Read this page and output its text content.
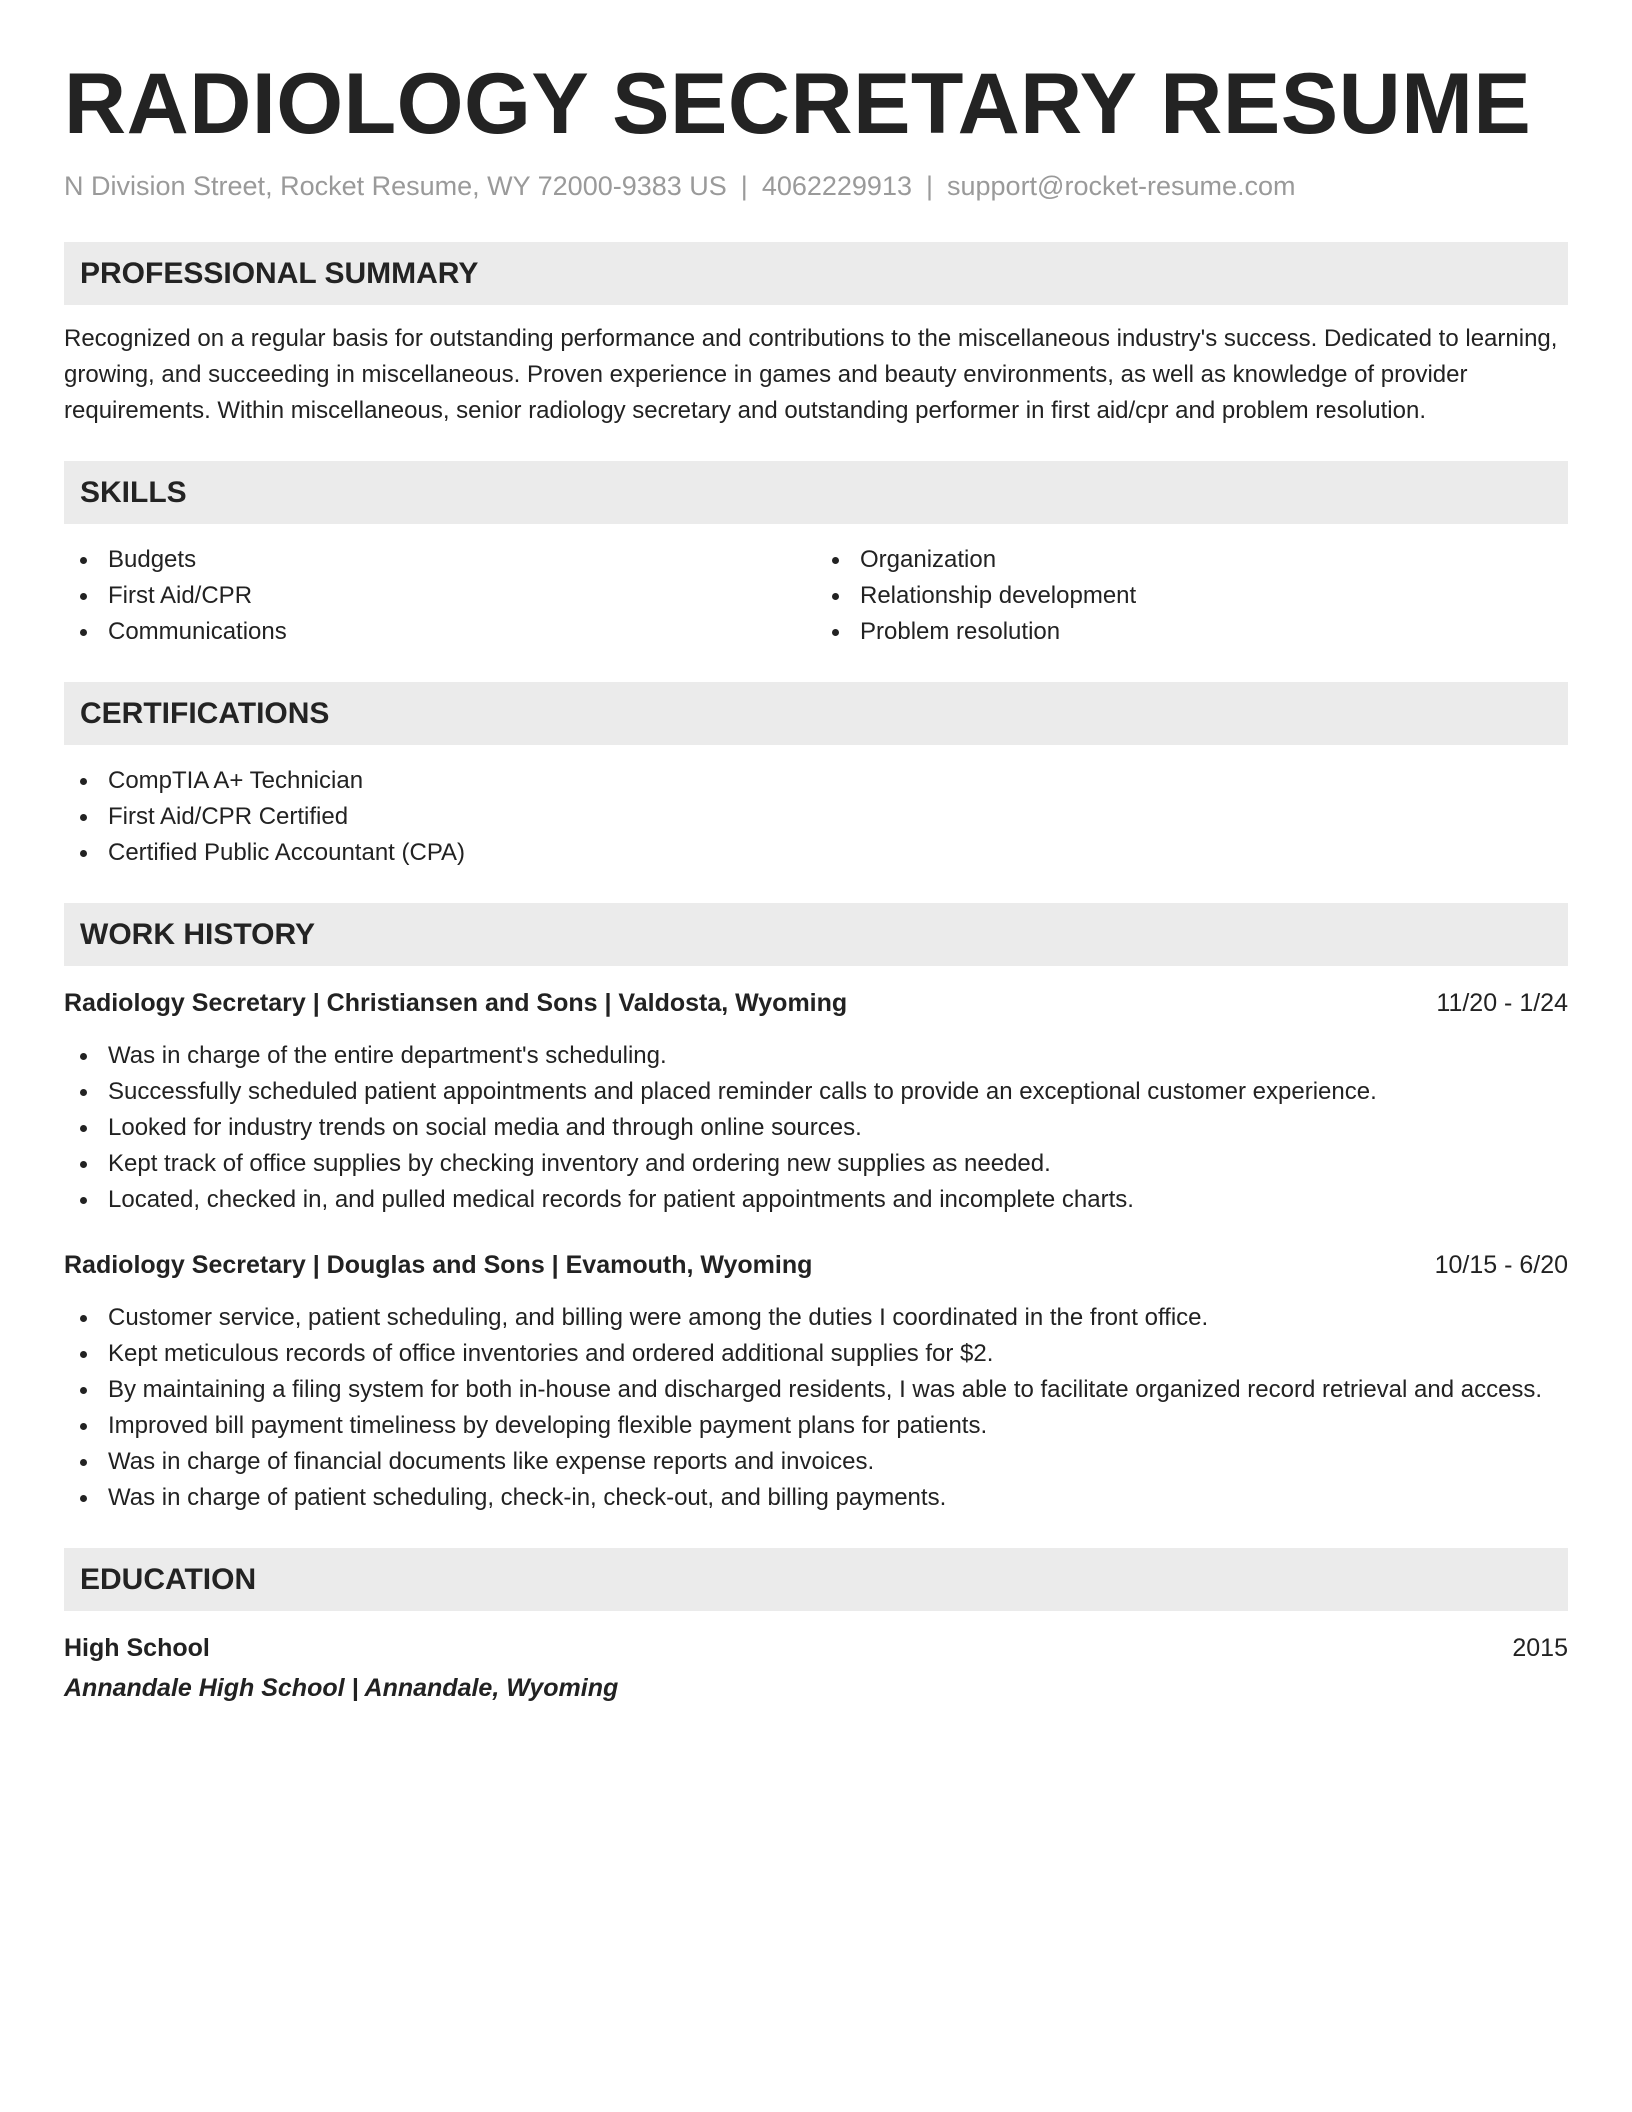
RADIOLOGY SECRETARY RESUME
N Division Street, Rocket Resume, WY 72000-9383 US | 4062229913 | support@rocket-resume.com
PROFESSIONAL SUMMARY

Recognized on a regular basis for outstanding performance and contributions to the miscellaneous industry's success. Dedicated to learning, growing, and succeeding in miscellaneous. Proven experience in games and beauty environments, as well as knowledge of provider requirements. Within miscellaneous, senior radiology secretary and outstanding performer in first aid/cpr and problem resolution.

SKILLS
Budgets
First Aid/CPR
Communications
Organization
Relationship development
Problem resolution
CERTIFICATIONS
CompTIA A+ Technician
First Aid/CPR Certified
Certified Public Accountant (CPA)
WORK HISTORY
Radiology Secretary | Christiansen and Sons | Valdosta, Wyoming	11/20 - 1/24
Was in charge of the entire department's scheduling.
Successfully scheduled patient appointments and placed reminder calls to provide an exceptional customer experience.
Looked for industry trends on social media and through online sources.
Kept track of office supplies by checking inventory and ordering new supplies as needed.
Located, checked in, and pulled medical records for patient appointments and incomplete charts.
Radiology Secretary | Douglas and Sons | Evamouth, Wyoming	10/15 - 6/20
Customer service, patient scheduling, and billing were among the duties I coordinated in the front office.
Kept meticulous records of office inventories and ordered additional supplies for $2.
By maintaining a filing system for both in-house and discharged residents, I was able to facilitate organized record retrieval and access.
Improved bill payment timeliness by developing flexible payment plans for patients.
Was in charge of financial documents like expense reports and invoices.
Was in charge of patient scheduling, check-in, check-out, and billing payments.
EDUCATION
High School	2015
Annandale High School | Annandale, Wyoming
